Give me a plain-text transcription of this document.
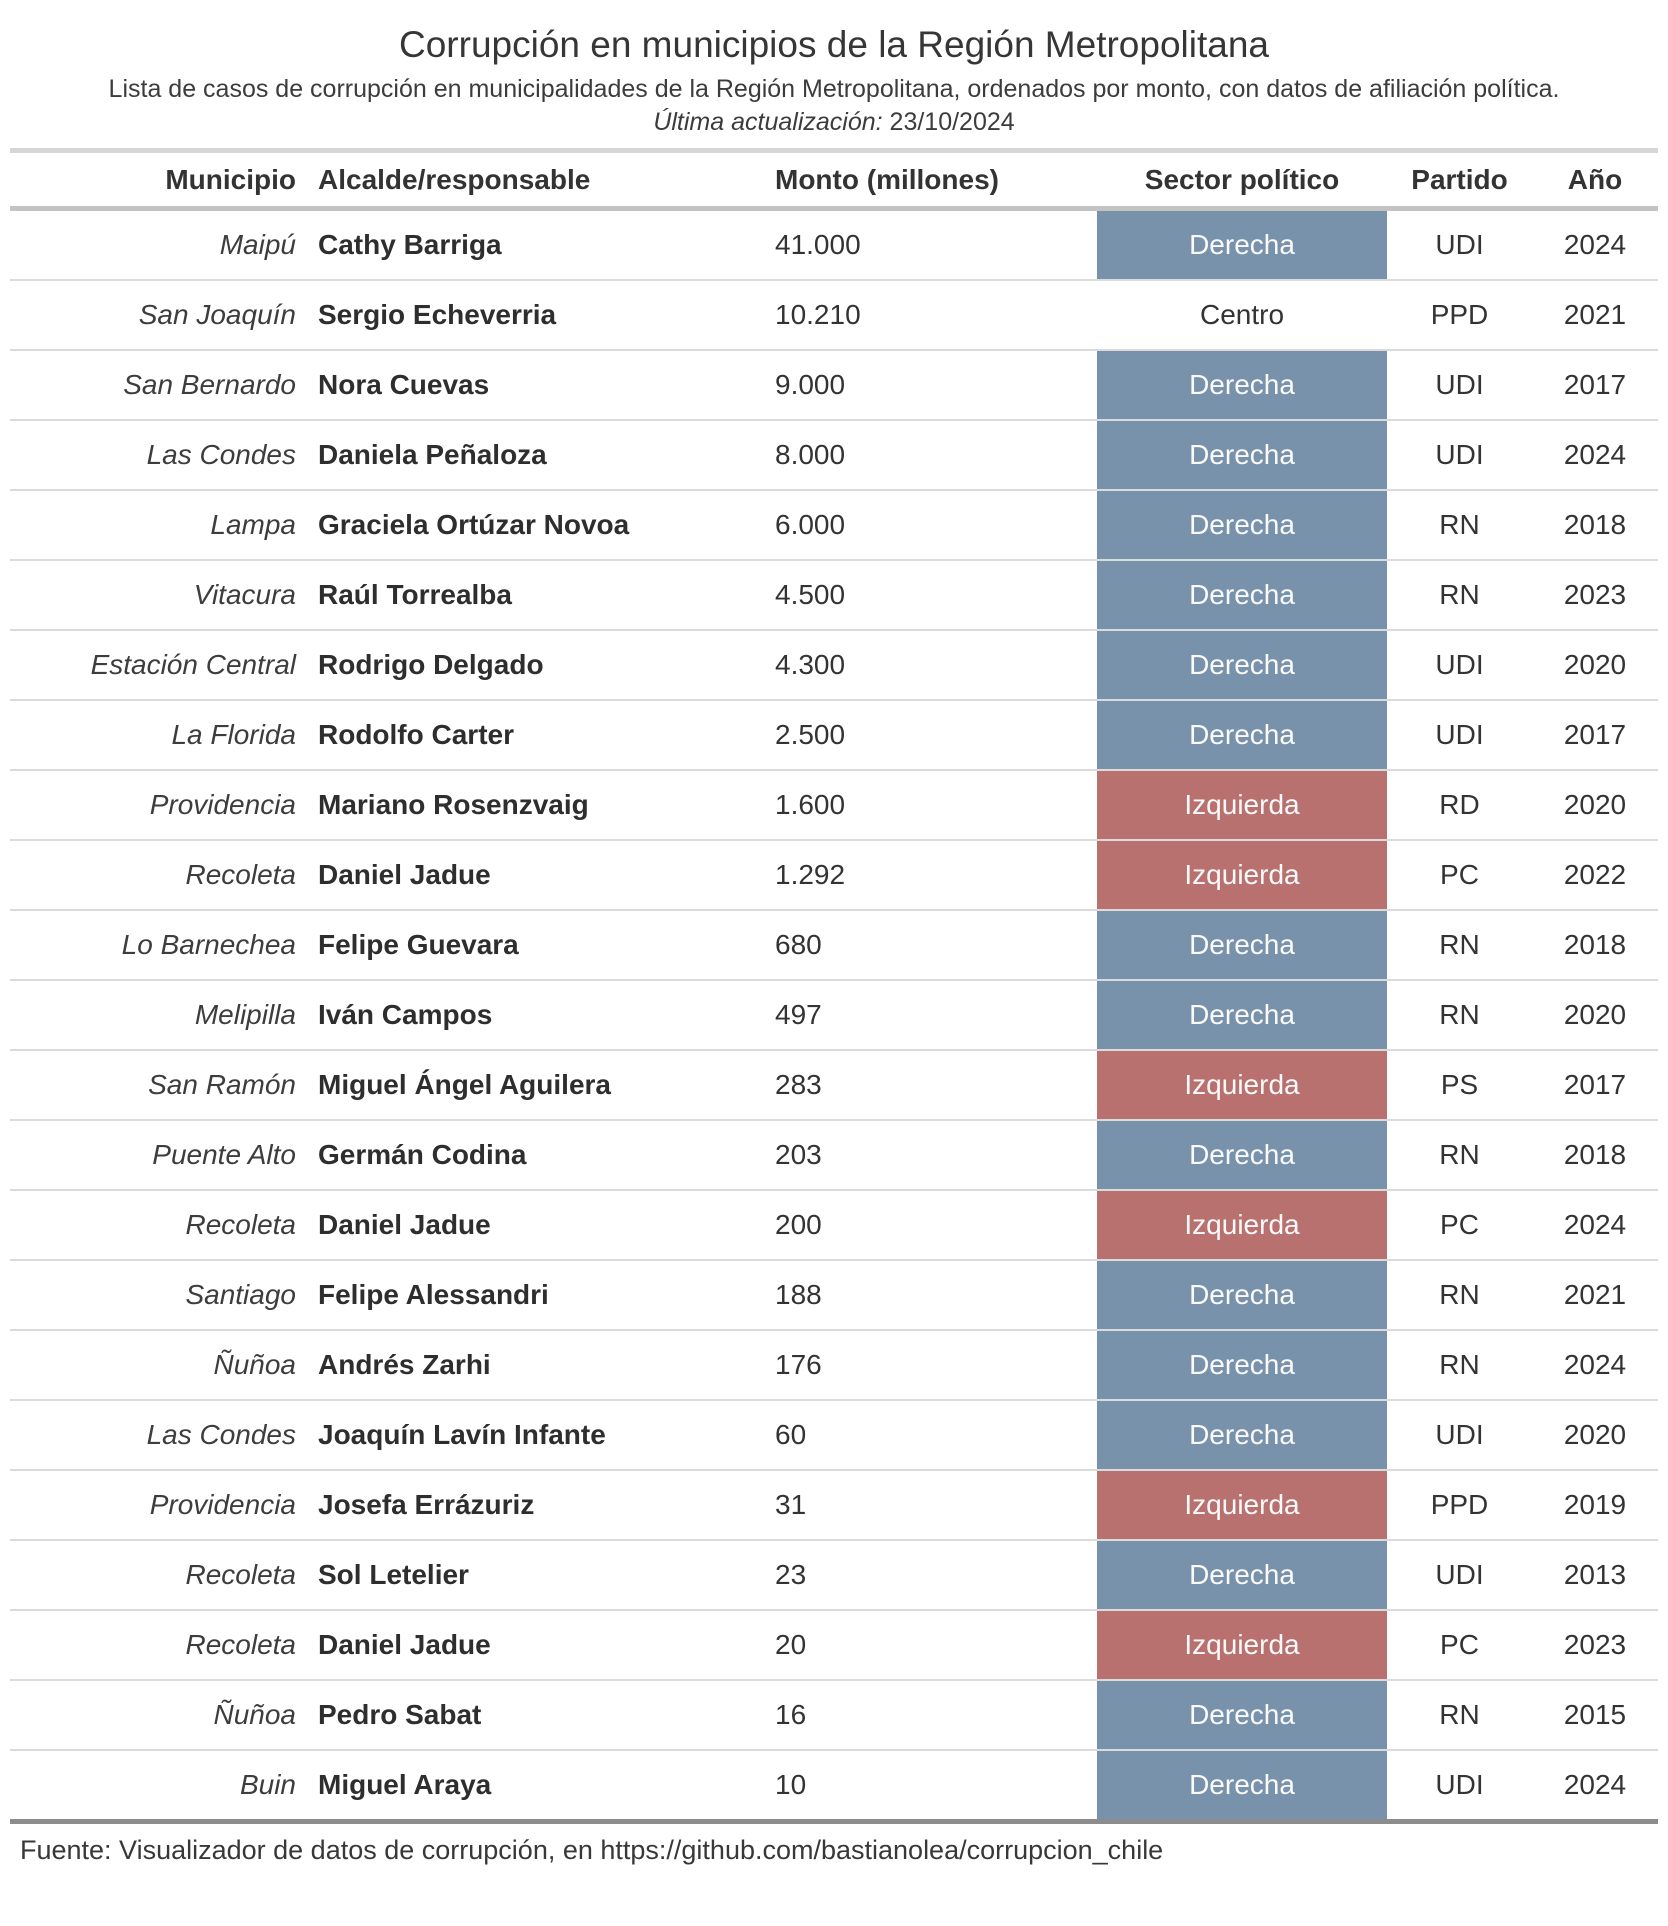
Corrupción en municipios de la Región Metropolitana

Lista de casos de corrupción en municipalidades de la Región Metropolitana, ordenados por monto, con datos de afiliación política.

Última actualización: 23/10/2024

Municipio	Alcalde/responsable	Monto (millones)	Sector político	Partido	Año
Maipú	Cathy Barriga	41.000	Derecha	UDI	2024
San Joaquín	Sergio Echeverria	10.210	Centro	PPD	2021
San Bernardo	Nora Cuevas	9.000	Derecha	UDI	2017
Las Condes	Daniela Peñaloza	8.000	Derecha	UDI	2024
Lampa	Graciela Ortúzar Novoa	6.000	Derecha	RN	2018
Vitacura	Raúl Torrealba	4.500	Derecha	RN	2023
Estación Central	Rodrigo Delgado	4.300	Derecha	UDI	2020
La Florida	Rodolfo Carter	2.500	Derecha	UDI	2017
Providencia	Mariano Rosenzvaig	1.600	Izquierda	RD	2020
Recoleta	Daniel Jadue	1.292	Izquierda	PC	2022
Lo Barnechea	Felipe Guevara	680	Derecha	RN	2018
Melipilla	Iván Campos	497	Derecha	RN	2020
San Ramón	Miguel Ángel Aguilera	283	Izquierda	PS	2017
Puente Alto	Germán Codina	203	Derecha	RN	2018
Recoleta	Daniel Jadue	200	Izquierda	PC	2024
Santiago	Felipe Alessandri	188	Derecha	RN	2021
Ñuñoa	Andrés Zarhi	176	Derecha	RN	2024
Las Condes	Joaquín Lavín Infante	60	Derecha	UDI	2020
Providencia	Josefa Errázuriz	31	Izquierda	PPD	2019
Recoleta	Sol Letelier	23	Derecha	UDI	2013
Recoleta	Daniel Jadue	20	Izquierda	PC	2023
Ñuñoa	Pedro Sabat	16	Derecha	RN	2015
Buin	Miguel Araya	10	Derecha	UDI	2024

Fuente: Visualizador de datos de corrupción, en https://github.com/bastianolea/corrupcion_chile
